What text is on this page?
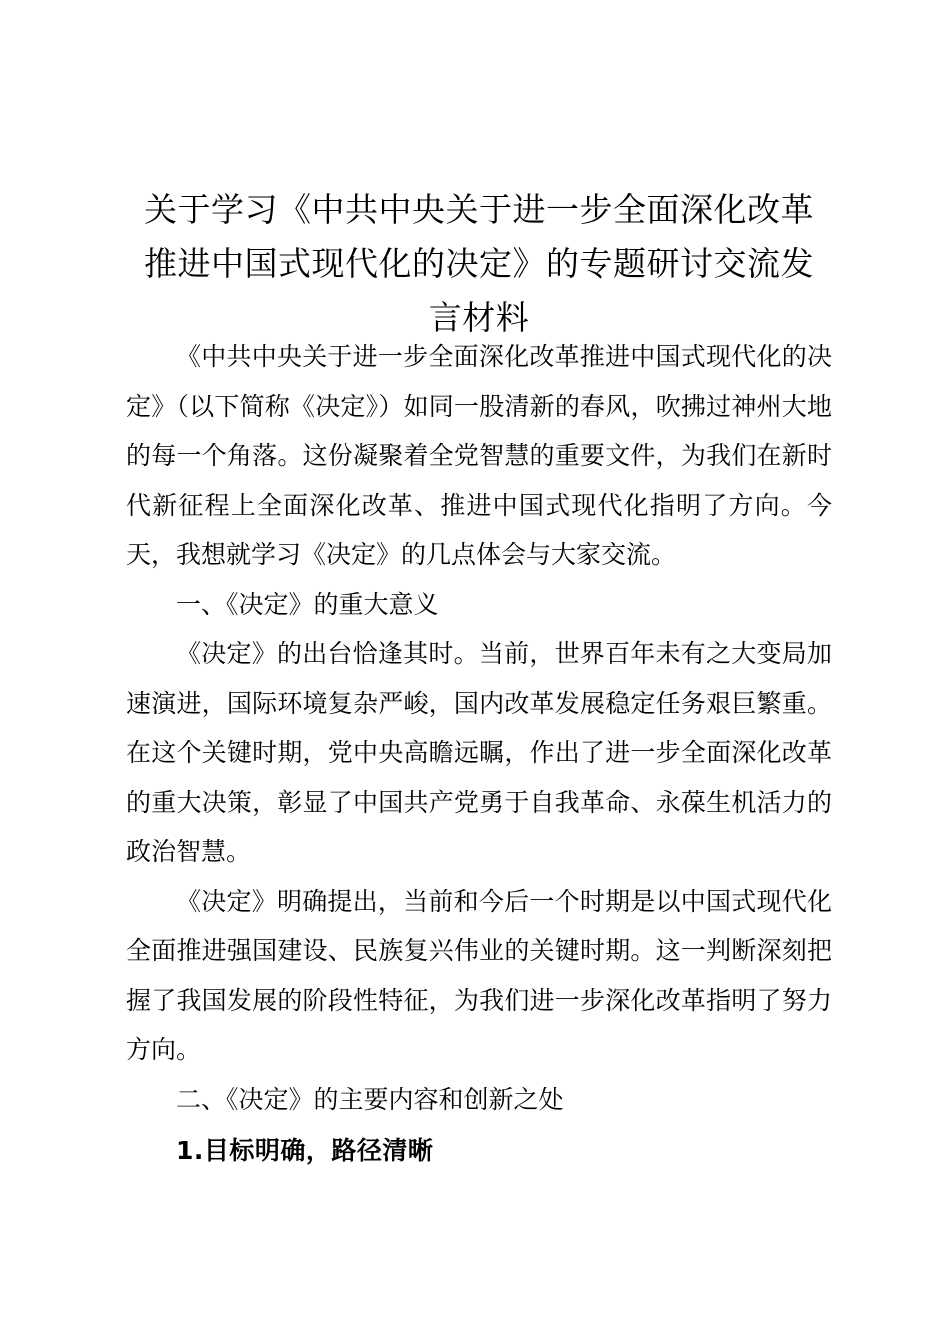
关于学习《中共中央关于进一步全面深化改革
推进中国式现代化的决定》的专题研讨交流发
言材料

《中共中央关于进一步全面深化改革推进中国式现代化的决定》（以下简称《决定》）如同一股清新的春风，吹拂过神州大地的每一个角落。这份凝聚着全党智慧的重要文件，为我们在新时代新征程上全面深化改革、推进中国式现代化指明了方向。今天，我想就学习《决定》的几点体会与大家交流。

一、《决定》的重大意义

《决定》的出台恰逢其时。当前，世界百年未有之大变局加速演进，国际环境复杂严峻，国内改革发展稳定任务艰巨繁重。在这个关键时期，党中央高瞻远瞩，作出了进一步全面深化改革的重大决策，彰显了中国共产党勇于自我革命、永葆生机活力的政治智慧。

《决定》明确提出，当前和今后一个时期是以中国式现代化全面推进强国建设、民族复兴伟业的关键时期。这一判断深刻把握了我国发展的阶段性特征，为我们进一步深化改革指明了努力方向。

二、《决定》的主要内容和创新之处

1.目标明确，路径清晰
